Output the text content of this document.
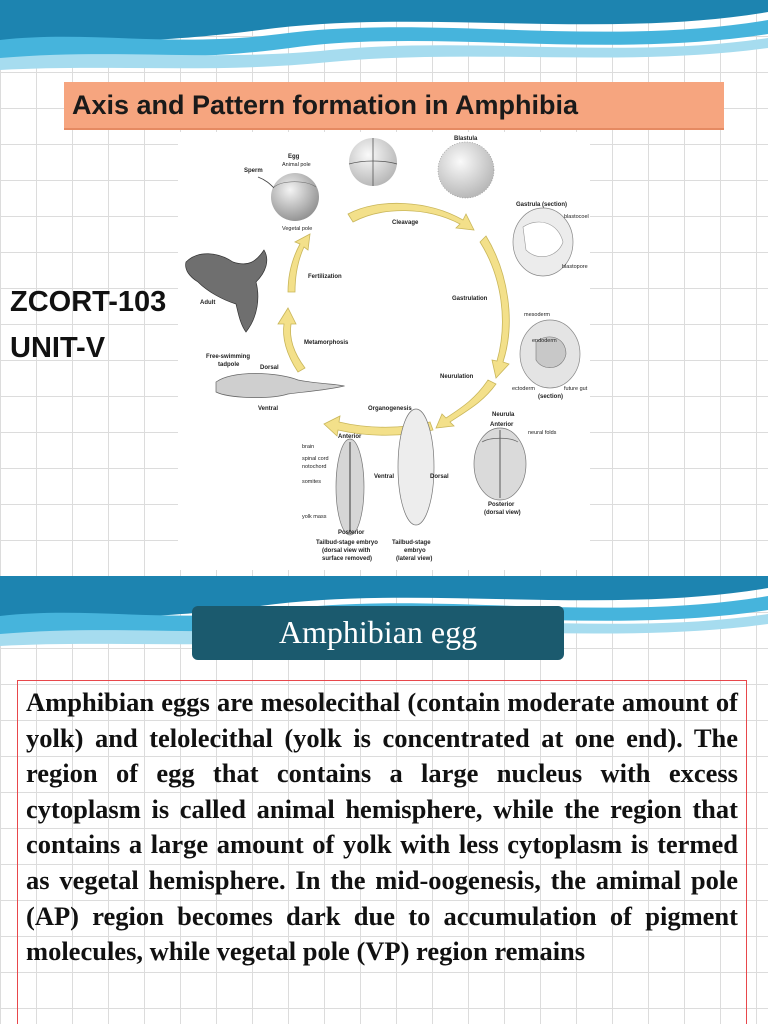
Axis and Pattern formation in Amphibia
ZCORT-103
UNIT-V
Blastula
Egg
Animal pole
Sperm
Vegetal pole
Cleavage
Gastrula (section)
blastocoel
blastopore
Fertilization
Adult
Gastrulation
mesoderm
endoderm
ectoderm	future gut
(section)
Metamorphosis
Free-swimming
tadpole	Dorsal
Ventral
Neurulation
Organogenesis
Neurula
Anterior
neural folds
Posterior
(dorsal view)
Anterior
brain
spinal cord
notochord
somites
yolk mass
Ventral	Dorsal
Posterior
Tailbud-stage embryo
(dorsal view with
surface removed)
Tailbud-stage
embryo
(lateral view)
Amphibian egg
Amphibian eggs are mesolecithal (contain moderate amount of yolk) and telolecithal (yolk is concentrated at one end). The region of egg that contains a large nucleus with excess cytoplasm is called animal hemisphere, while the region that contains a large amount of yolk with less cytoplasm is termed as vegetal hemisphere. In the mid-oogenesis, the amimal pole (AP) region becomes dark due to accumulation of pigment molecules, while vegetal pole (VP) region remains
